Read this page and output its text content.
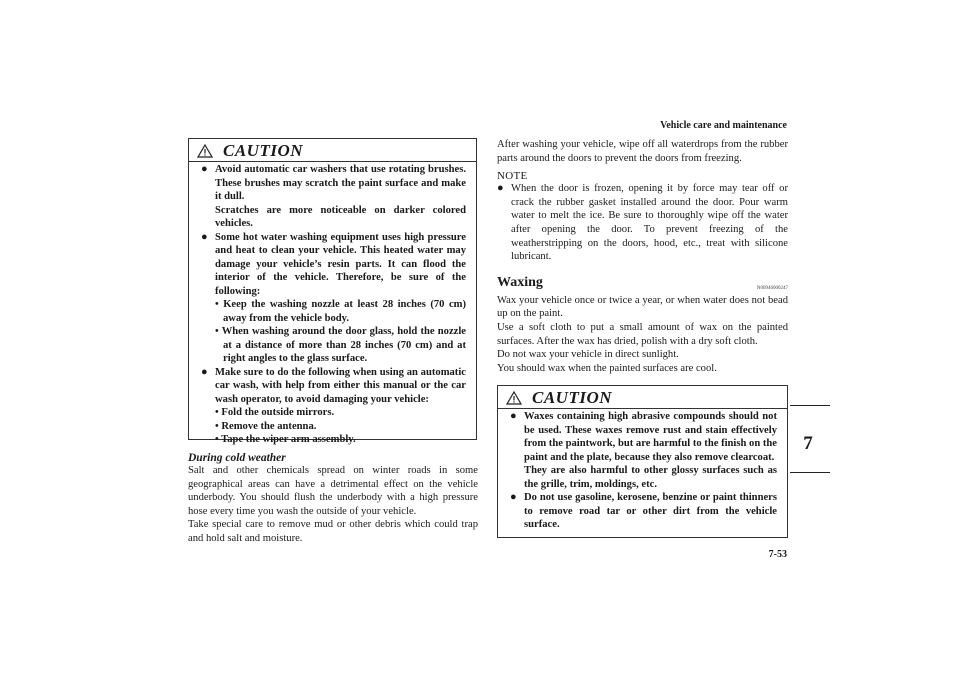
Vehicle care and maintenance
7
CAUTION
● Avoid automatic car washers that use rotating brushes. These brushes may scratch the paint surface and make it dull.
Scratches are more noticeable on darker colored vehicles.
● Some hot water washing equipment uses high pressure and heat to clean your vehicle. This heated water may damage your vehicle’s resin parts. It can flood the interior of the vehicle. Therefore, be sure of the following:
• Keep the washing nozzle at least 28 inches (70 cm) away from the vehicle body.
• When washing around the door glass, hold the nozzle at a distance of more than 28 inches (70 cm) and at right angles to the glass surface.
● Make sure to do the following when using an automatic car wash, with help from either this manual or the car wash operator, to avoid damaging your vehicle:
• Fold the outside mirrors.
• Remove the antenna.
• Tape the wiper arm assembly.
During cold weather
Salt and other chemicals spread on winter roads in some geographical areas can have a detrimental effect on the vehicle underbody. You should flush the underbody with a high pressure hose every time you wash the outside of your vehicle.
Take special care to remove mud or other debris which could trap and hold salt and moisture.
After washing your vehicle, wipe off all waterdrops from the rubber parts around the doors to prevent the doors from freezing.
NOTE
● When the door is frozen, opening it by force may tear off or crack the rubber gasket installed around the door. Pour warm water to melt the ice. Be sure to thoroughly wipe off the water after opening the door. To prevent freezing of the weatherstripping on the doors, hood, etc., treat with silicone lubricant.
Waxing	N00946000247
Wax your vehicle once or twice a year, or when water does not bead up on the paint.
Use a soft cloth to put a small amount of wax on the painted surfaces. After the wax has dried, polish with a dry soft cloth.
Do not wax your vehicle in direct sunlight.
You should wax when the painted surfaces are cool.
CAUTION
● Waxes containing high abrasive compounds should not be used. These waxes remove rust and stain effectively from the paintwork, but are harmful to the finish on the paint and the plate, because they also remove clearcoat.
They are also harmful to other glossy surfaces such as the grille, trim, moldings, etc.
● Do not use gasoline, kerosene, benzine or paint thinners to remove road tar or other dirt from the vehicle surface.
7-53
